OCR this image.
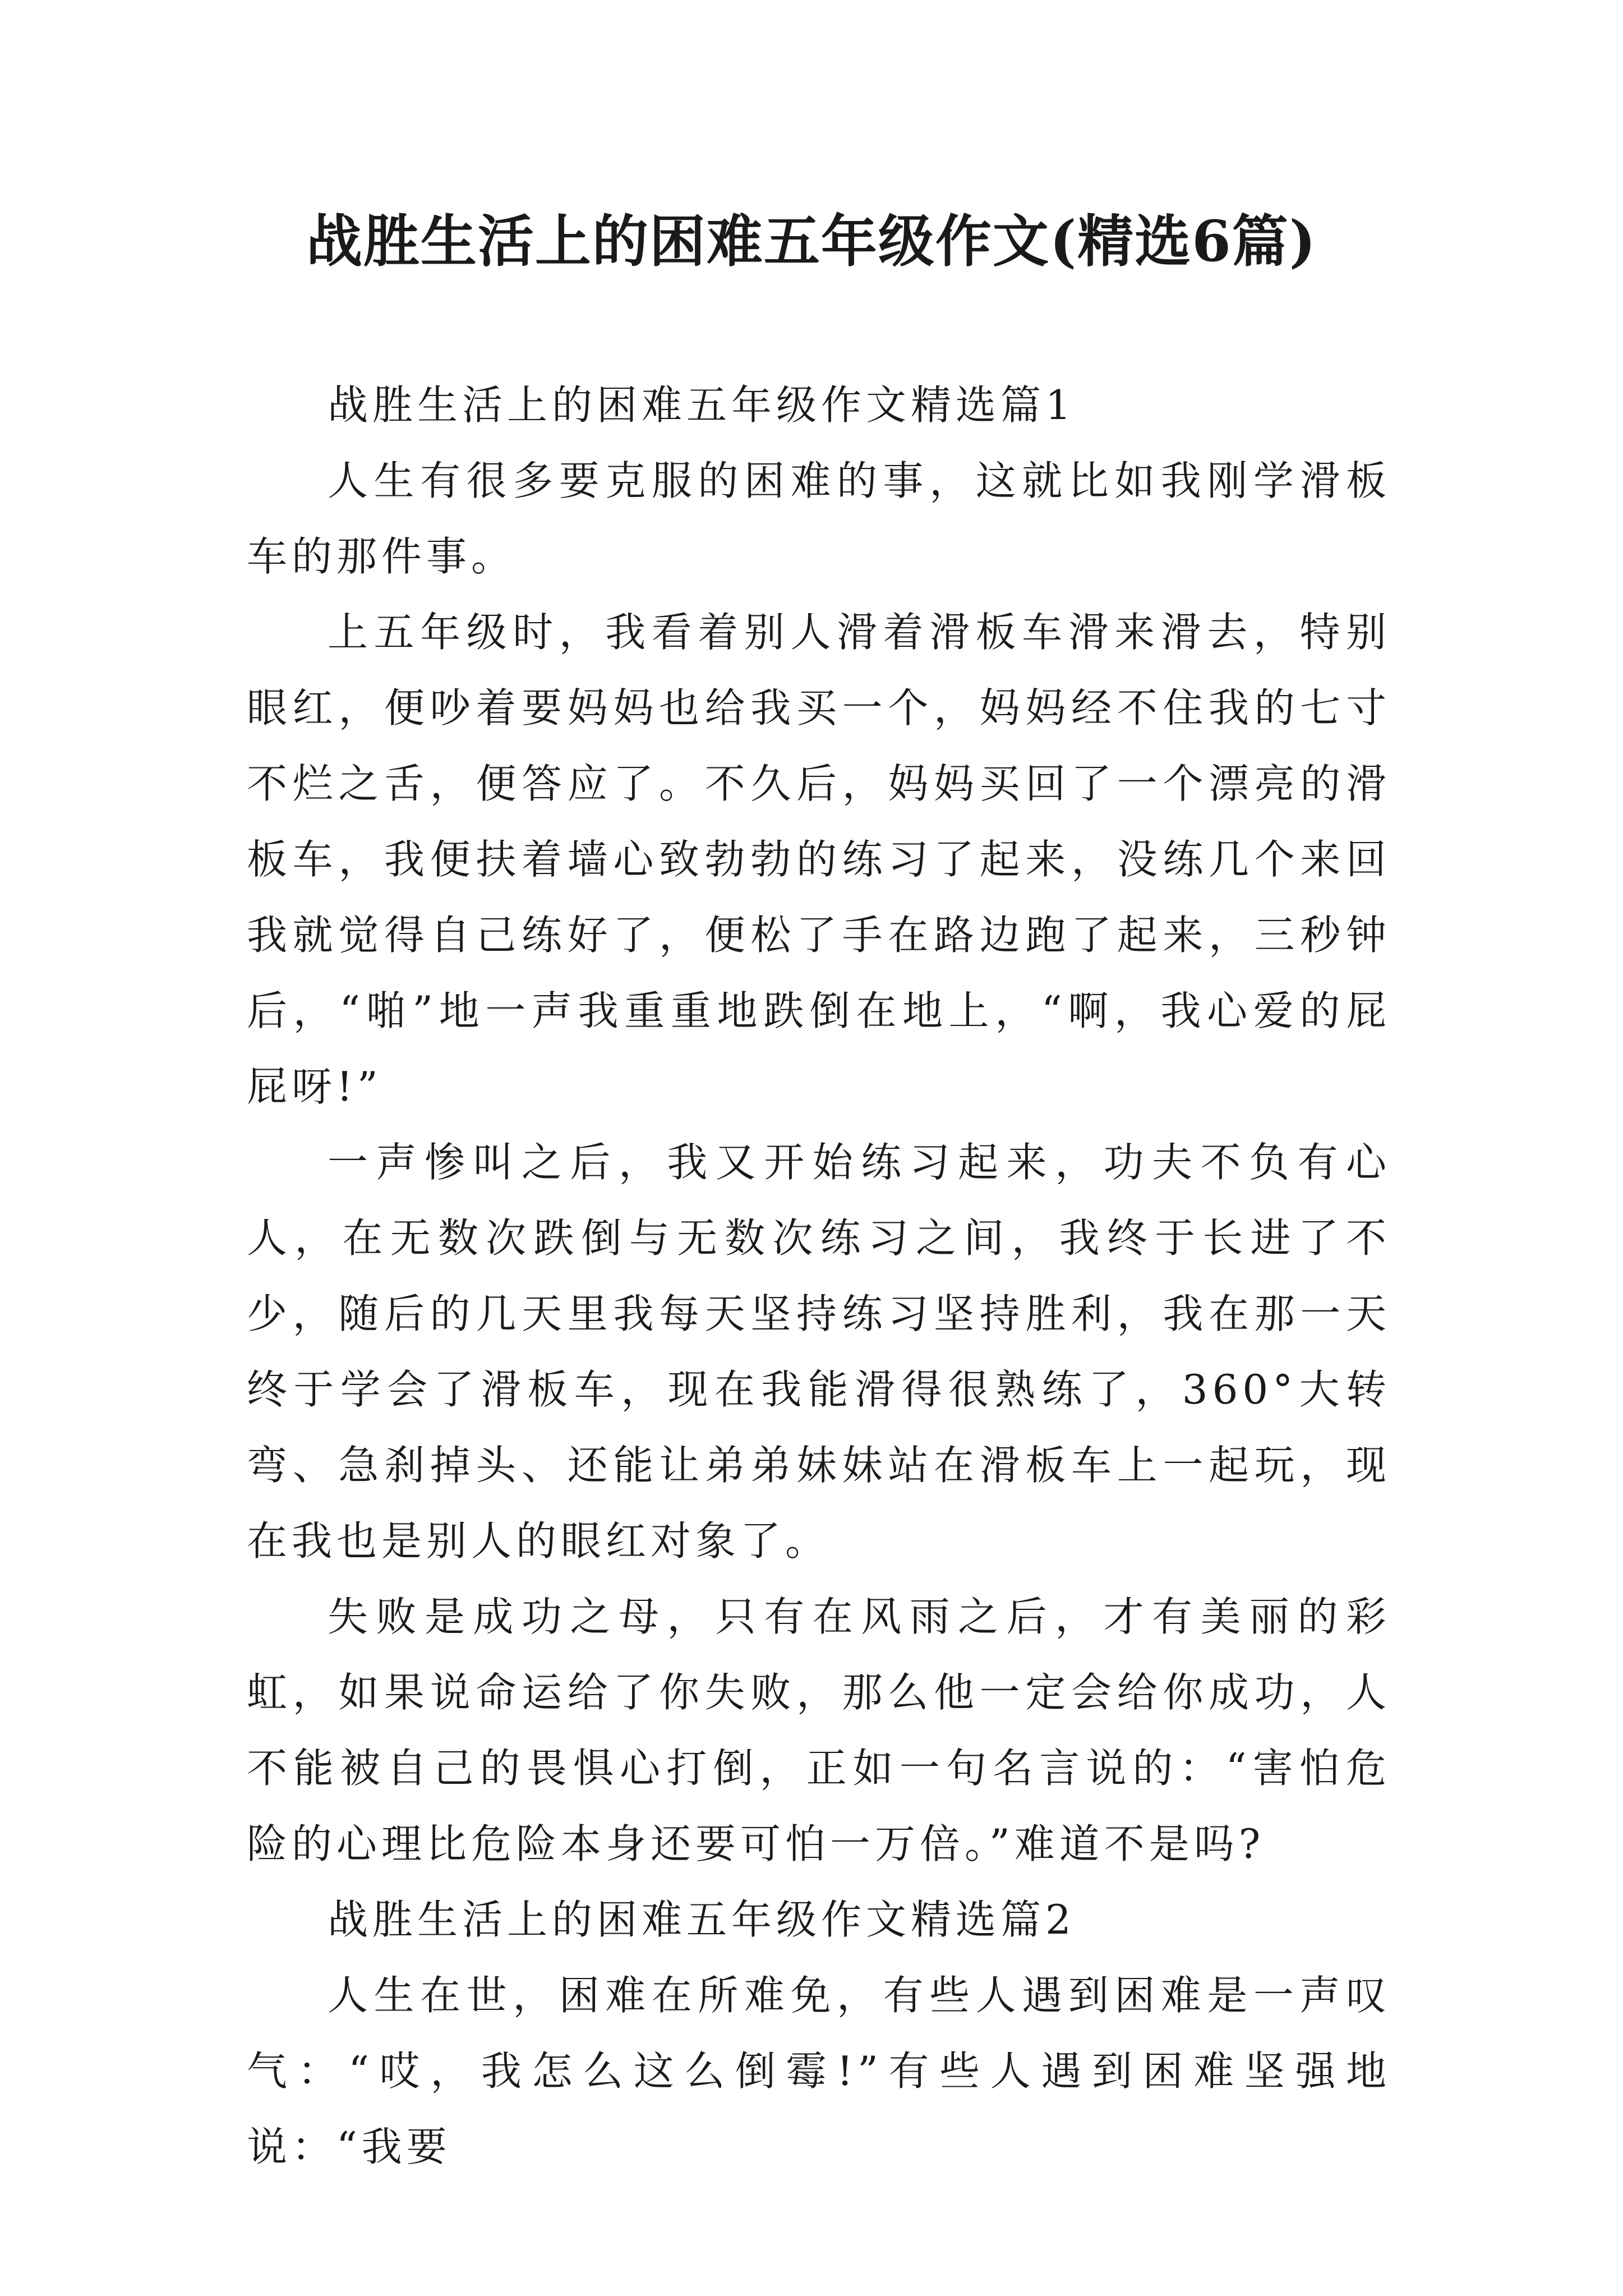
战胜生活上的困难五年级作文(精选6篇)

战胜生活上的困难五年级作文精选篇1

人生有很多要克服的困难的事，这就比如我刚学滑板车的那件事。

上五年级时，我看着别人滑着滑板车滑来滑去，特别眼红，便吵着要妈妈也给我买一个，妈妈经不住我的七寸不烂之舌，便答应了。不久后，妈妈买回了一个漂亮的滑板车，我便扶着墙心致勃勃的练习了起来，没练几个来回我就觉得自己练好了，便松了手在路边跑了起来，三秒钟后，“啪”地一声我重重地跌倒在地上，“啊，我心爱的屁屁呀!”

一声惨叫之后，我又开始练习起来，功夫不负有心人，在无数次跌倒与无数次练习之间，我终于长进了不少，随后的几天里我每天坚持练习坚持胜利，我在那一天终于学会了滑板车，现在我能滑得很熟练了，360°大转弯、急刹掉头、还能让弟弟妹妹站在滑板车上一起玩，现在我也是别人的眼红对象了。

失败是成功之母，只有在风雨之后，才有美丽的彩虹，如果说命运给了你失败，那么他一定会给你成功，人不能被自己的畏惧心打倒，正如一句名言说的：“害怕危险的心理比危险本身还要可怕一万倍。”难道不是吗?

战胜生活上的困难五年级作文精选篇2

人生在世，困难在所难免，有些人遇到困难是一声叹气：“哎，我怎么这么倒霉!”有些人遇到困难坚强地说：“我要
